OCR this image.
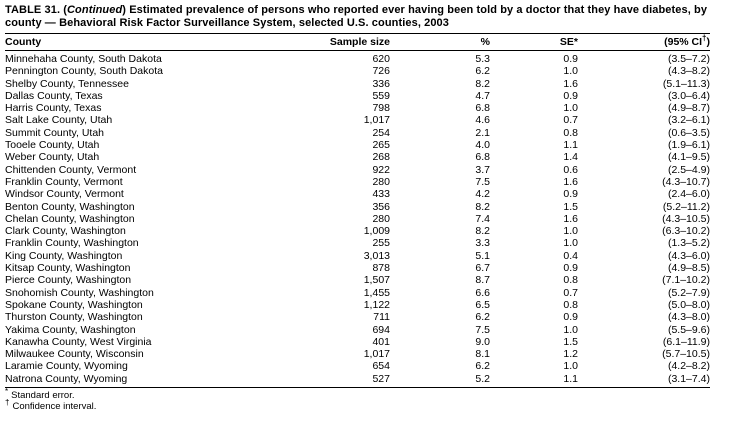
TABLE 31. (Continued) Estimated prevalence of persons who reported ever having been told by a doctor that they have diabetes, by county — Behavioral Risk Factor Surveillance System, selected U.S. counties, 2003
County	Sample size	%	SE*	(95% CI†)
Minnehaha County, South Dakota	620	5.3	0.9	(3.5–7.2)
Pennington County, South Dakota	726	6.2	1.0	(4.3–8.2)
Shelby County, Tennessee	336	8.2	1.6	(5.1–11.3)
Dallas County, Texas	559	4.7	0.9	(3.0–6.4)
Harris County, Texas	798	6.8	1.0	(4.9–8.7)
Salt Lake County, Utah	1,017	4.6	0.7	(3.2–6.1)
Summit County, Utah	254	2.1	0.8	(0.6–3.5)
Tooele County, Utah	265	4.0	1.1	(1.9–6.1)
Weber County, Utah	268	6.8	1.4	(4.1–9.5)
Chittenden County, Vermont	922	3.7	0.6	(2.5–4.9)
Franklin County, Vermont	280	7.5	1.6	(4.3–10.7)
Windsor County, Vermont	433	4.2	0.9	(2.4–6.0)
Benton County, Washington	356	8.2	1.5	(5.2–11.2)
Chelan County, Washington	280	7.4	1.6	(4.3–10.5)
Clark County, Washington	1,009	8.2	1.0	(6.3–10.2)
Franklin County, Washington	255	3.3	1.0	(1.3–5.2)
King County, Washington	3,013	5.1	0.4	(4.3–6.0)
Kitsap County, Washington	878	6.7	0.9	(4.9–8.5)
Pierce County, Washington	1,507	8.7	0.8	(7.1–10.2)
Snohomish County, Washington	1,455	6.6	0.7	(5.2–7.9)
Spokane County, Washington	1,122	6.5	0.8	(5.0–8.0)
Thurston County, Washington	711	6.2	0.9	(4.3–8.0)
Yakima County, Washington	694	7.5	1.0	(5.5–9.6)
Kanawha County, West Virginia	401	9.0	1.5	(6.1–11.9)
Milwaukee County, Wisconsin	1,017	8.1	1.2	(5.7–10.5)
Laramie County, Wyoming	654	6.2	1.0	(4.2–8.2)
Natrona County, Wyoming	527	5.2	1.1	(3.1–7.4)
* Standard error.
† Confidence interval.
